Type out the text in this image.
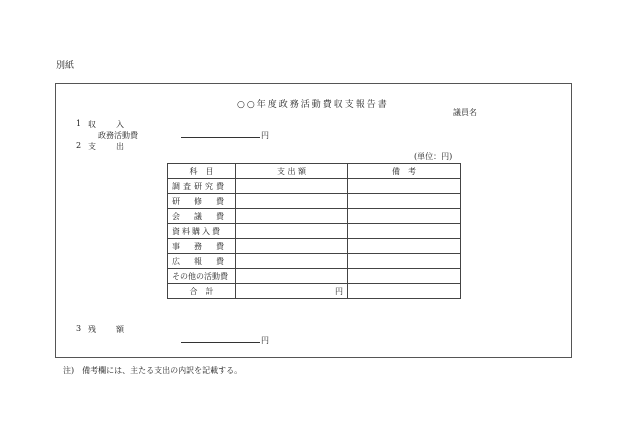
別紙
○○年度政務活動費収支報告書
議員名
1 収　入
政務活動費	円
2 支　出
(単位：円)
科　目	支 出 額	備　考
調査研究費		
研修費		
会議費		
資料購入費		
事務費		
広報費		
その他の活動費		
合　計	円	
3 残　額
円
注)　備考欄には、主たる支出の内訳を記載する。
